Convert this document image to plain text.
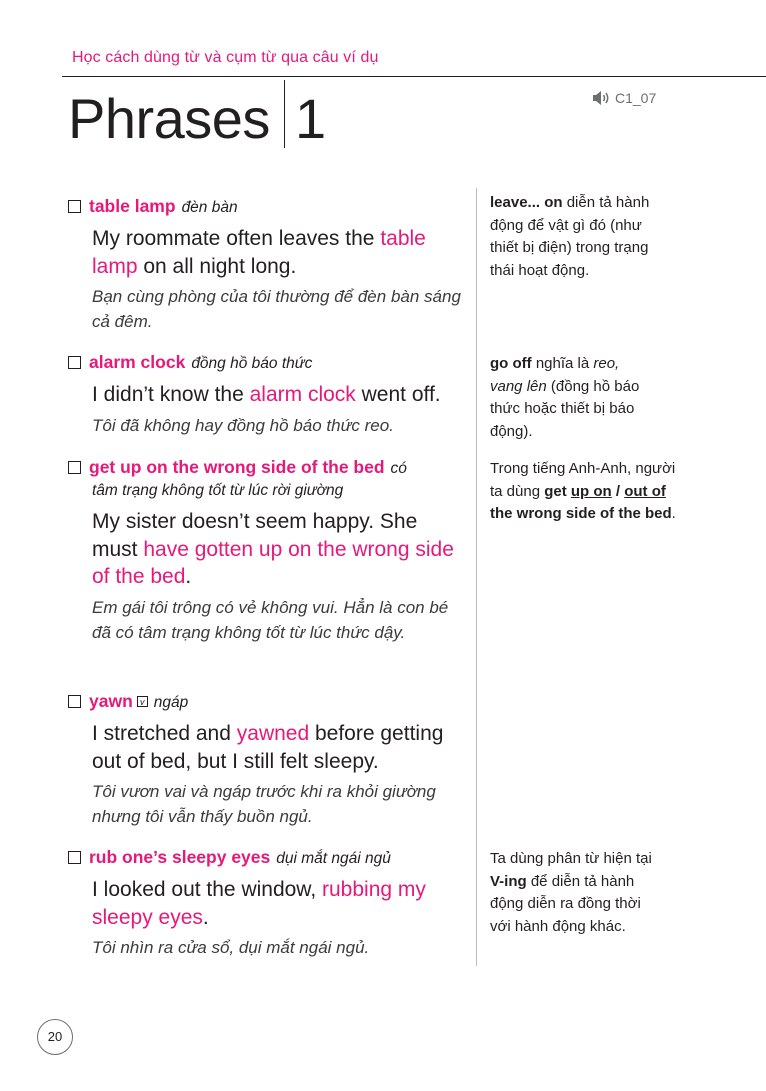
Học cách dùng từ và cụm từ qua câu ví dụ
Phrases 1	C1_07
table lamp đèn bàn
My roommate often leaves the table lamp on all night long.
Bạn cùng phòng của tôi thường để đèn bàn sáng cả đêm.
alarm clock đồng hồ báo thức
I didn’t know the alarm clock went off.
Tôi đã không hay đồng hồ báo thức reo.
get up on the wrong side of the bed có
tâm trạng không tốt từ lúc rời giường
My sister doesn’t seem happy. She must have gotten up on the wrong side of the bed.
Em gái tôi trông có vẻ không vui. Hẳn là con bé đã có tâm trạng không tốt từ lúc thức dậy.
yawn v ngáp
I stretched and yawned before getting out of bed, but I still felt sleepy.
Tôi vươn vai và ngáp trước khi ra khỏi giường nhưng tôi vẫn thấy buồn ngủ.
rub one’s sleepy eyes dụi mắt ngái ngủ
I looked out the window, rubbing my sleepy eyes.
Tôi nhìn ra cửa sổ, dụi mắt ngái ngủ.
leave... on diễn tả hành động để vật gì đó (như thiết bị điện) trong trạng thái hoạt động.
go off nghĩa là reo, vang lên (đồng hồ báo thức hoặc thiết bị báo động).
Trong tiếng Anh-Anh, người ta dùng get up on / out of the wrong side of the bed.
Ta dùng phân từ hiện tại V-ing để diễn tả hành động diễn ra đồng thời với hành động khác.
20
